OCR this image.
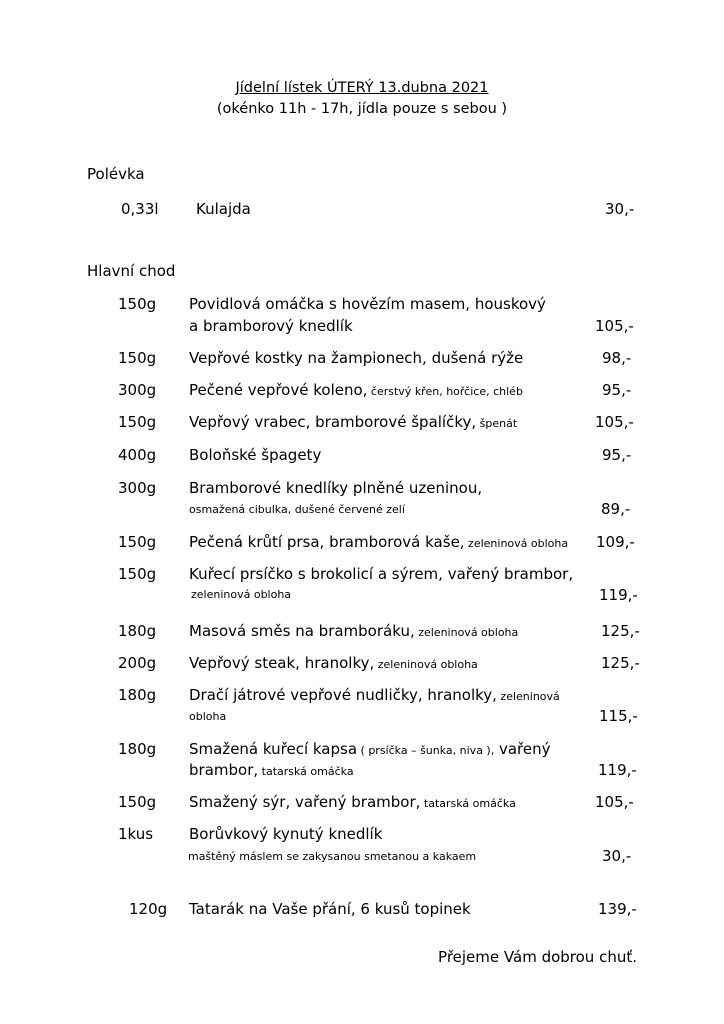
Jídelní lístek ÚTERÝ 13.dubna 2021
(okénko 11h - 17h, jídla pouze s sebou )
Polévka
0,33l Kulajda	30,-
Hlavní chod
150g Povidlová omáčka s hovězím masem, houskový
a bramborový knedlík	105,-
150g Vepřové kostky na žampionech, dušená rýže	98,-
300g Pečené vepřové koleno, čerstvý křen, hořčice, chléb	95,-
150g Vepřový vrabec, bramborové špalíčky, špenát	105,-
400g Boloňské špagety	95,-
300g Bramborové knedlíky plněné uzeninou,
osmažená cibulka, dušené červené zelí	89,-
150g Pečená krůtí prsa, bramborová kaše, zeleninová obloha 109,-
150g Kuřecí prsíčko s brokolicí a sýrem, vařený brambor,
zeleninová obloha	119,-
180g Masová směs na bramboráku, zeleninová obloha	125,-
200g Vepřový steak, hranolky, zeleninová obloha	125,-
180g Dračí játrové vepřové nudličky, hranolky, zeleninová
obloha	115,-
180g Smažená kuřecí kapsa ( prsíčka – šunka, niva ), vařený
brambor, tatarská omáčka	119,-
150g Smažený sýr, vařený brambor, tatarská omáčka	105,-
1kus Borůvkový kynutý knedlík
maštěný máslem se zakysanou smetanou a kakaem	30,-
120g Tatarák na Vaše přání, 6 kusů topinek	139,-
Přejeme Vám dobrou chuť.
